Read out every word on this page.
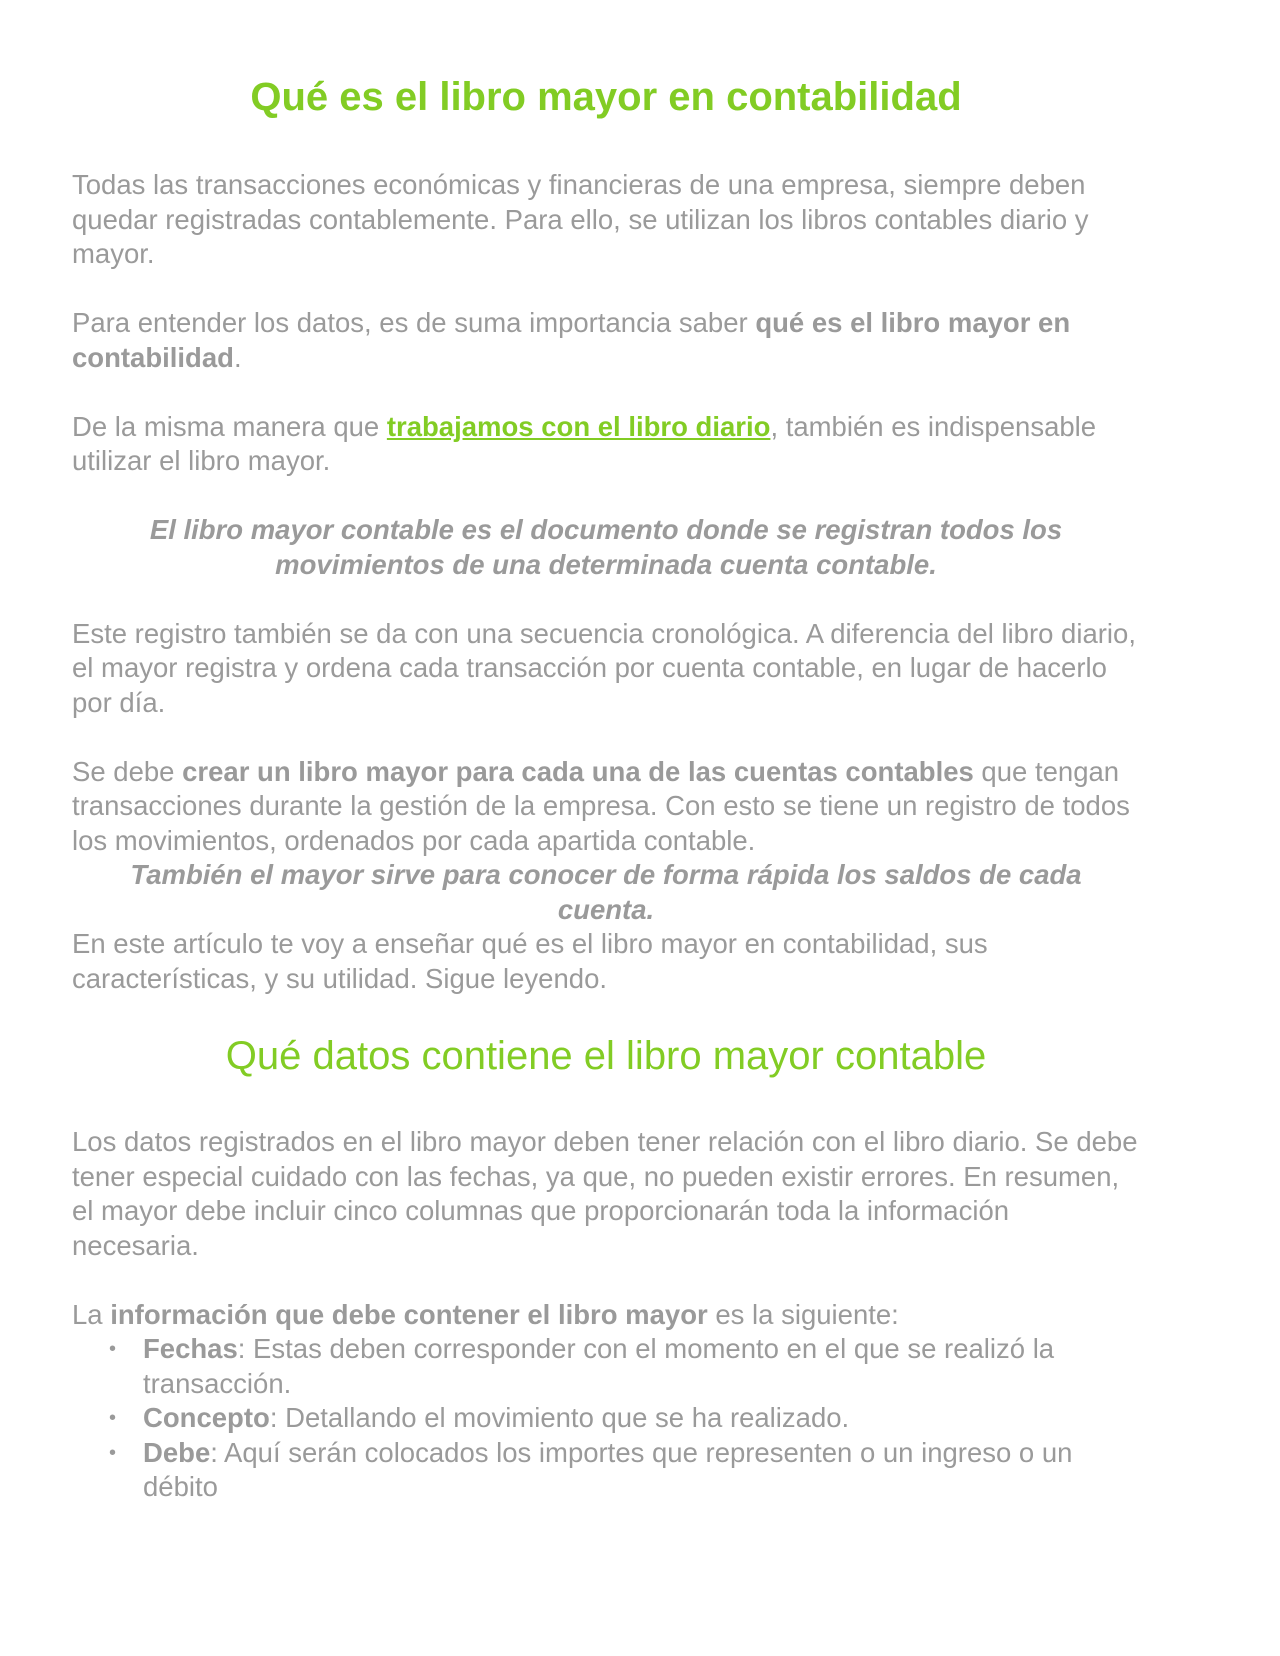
Qué es el libro mayor en contabilidad

Todas las transacciones económicas y financieras de una empresa, siempre deben quedar registradas contablemente. Para ello, se utilizan los libros contables diario y mayor.

Para entender los datos, es de suma importancia saber qué es el libro mayor en contabilidad.

De la misma manera que trabajamos con el libro diario, también es indispensable utilizar el libro mayor.

El libro mayor contable es el documento donde se registran todos los movimientos de una determinada cuenta contable.

Este registro también se da con una secuencia cronológica. A diferencia del libro diario, el mayor registra y ordena cada transacción por cuenta contable, en lugar de hacerlo por día.

Se debe crear un libro mayor para cada una de las cuentas contables que tengan transacciones durante la gestión de la empresa. Con esto se tiene un registro de todos los movimientos, ordenados por cada apartida contable.

También el mayor sirve para conocer de forma rápida los saldos de cada cuenta.

En este artículo te voy a enseñar qué es el libro mayor en contabilidad, sus características, y su utilidad. Sigue leyendo.

Qué datos contiene el libro mayor contable

Los datos registrados en el libro mayor deben tener relación con el libro diario. Se debe tener especial cuidado con las fechas, ya que, no pueden existir errores. En resumen, el mayor debe incluir cinco columnas que proporcionarán toda la información necesaria.

La información que debe contener el libro mayor es la siguiente:

• Fechas: Estas deben corresponder con el momento en el que se realizó la transacción.
• Concepto: Detallando el movimiento que se ha realizado.
• Debe: Aquí serán colocados los importes que representen o un ingreso o un débito
